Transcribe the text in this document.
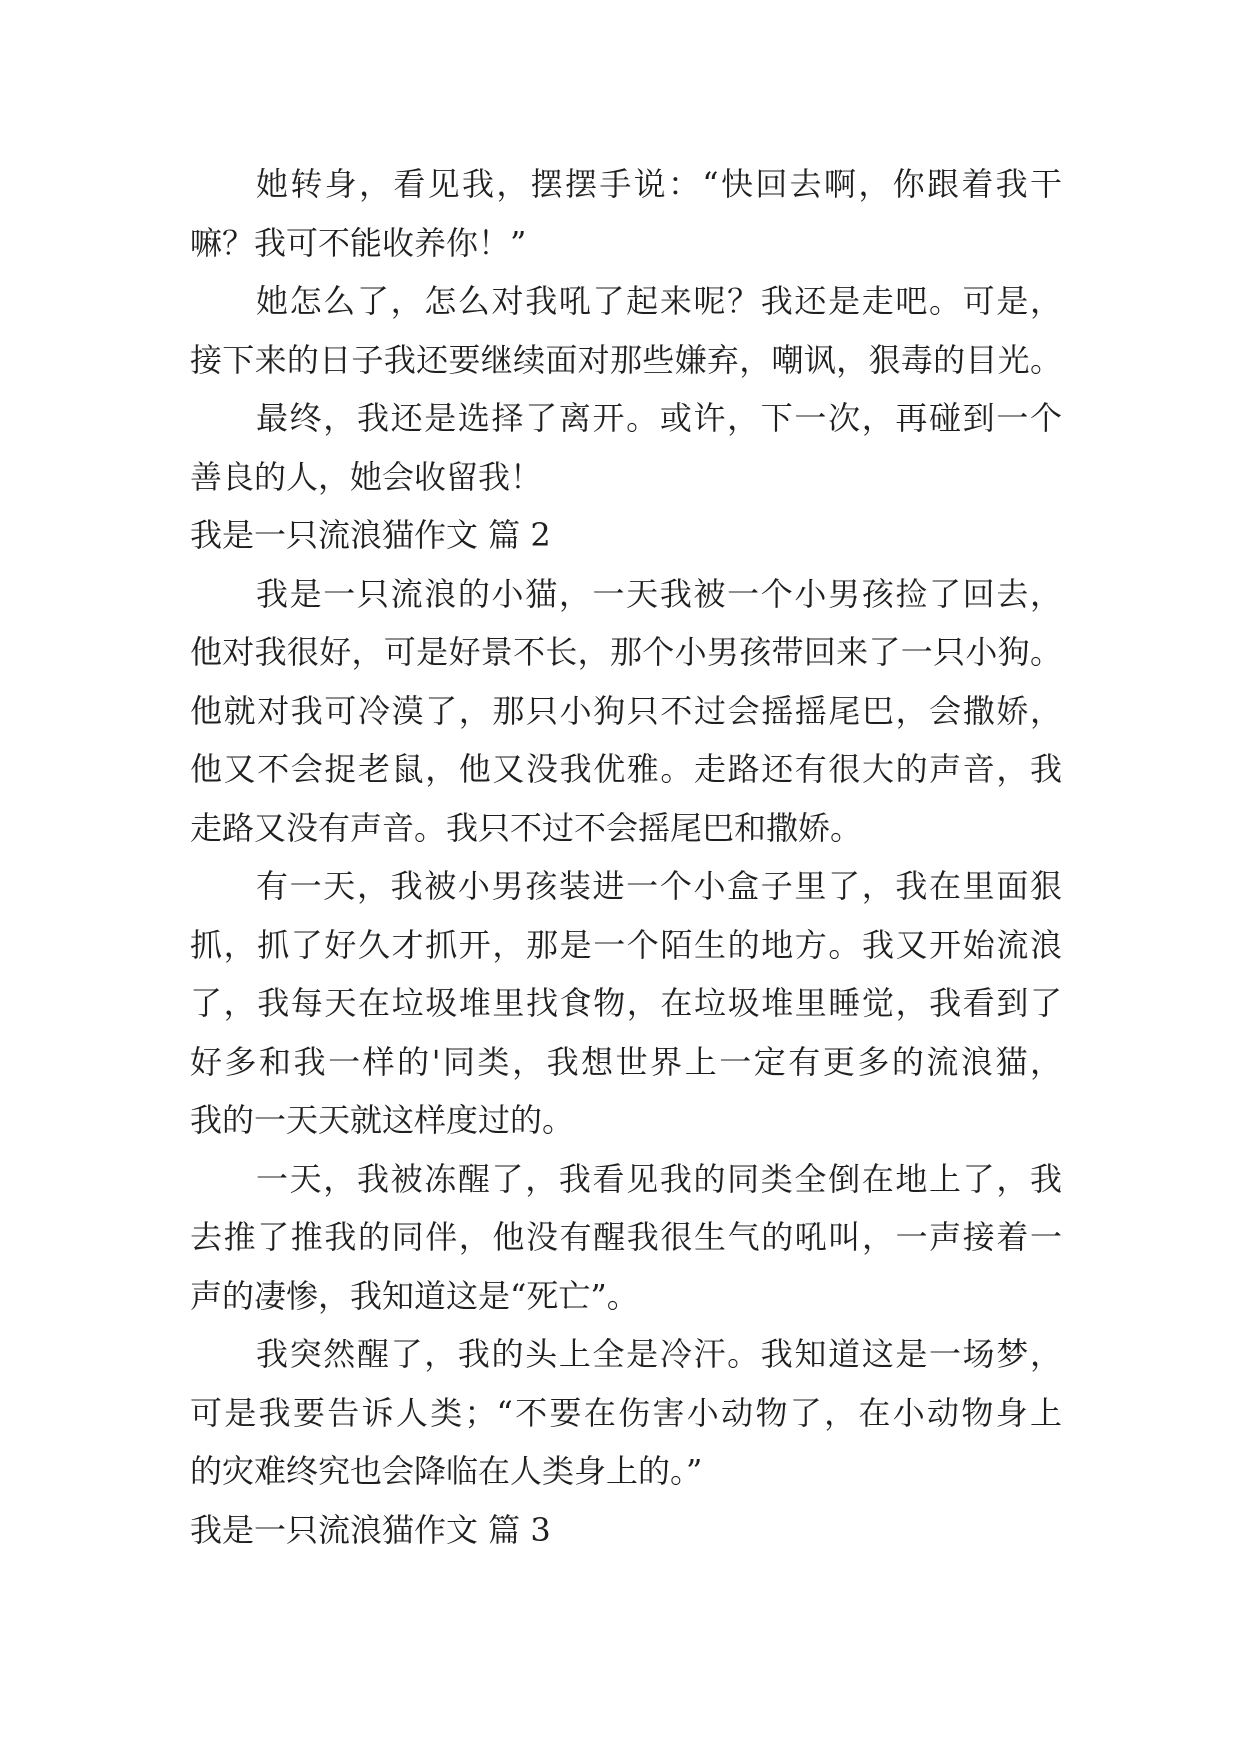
她转身，看见我，摆摆手说：“快回去啊，你跟着我干
嘛？我可不能收养你！”
她怎么了，怎么对我吼了起来呢？我还是走吧。可是，
接下来的日子我还要继续面对那些嫌弃，嘲讽，狠毒的目光。
最终，我还是选择了离开。或许，下一次，再碰到一个
善良的人，她会收留我！
我是一只流浪猫作文 篇 2
我是一只流浪的小猫，一天我被一个小男孩捡了回去，
他对我很好，可是好景不长，那个小男孩带回来了一只小狗。
他就对我可冷漠了，那只小狗只不过会摇摇尾巴，会撒娇，
他又不会捉老鼠，他又没我优雅。走路还有很大的声音，我
走路又没有声音。我只不过不会摇尾巴和撒娇。
有一天，我被小男孩装进一个小盒子里了，我在里面狠
抓，抓了好久才抓开，那是一个陌生的地方。我又开始流浪
了，我每天在垃圾堆里找食物，在垃圾堆里睡觉，我看到了
好多和我一样的'同类，我想世界上一定有更多的流浪猫，
我的一天天就这样度过的。
一天，我被冻醒了，我看见我的同类全倒在地上了，我
去推了推我的同伴，他没有醒我很生气的吼叫，一声接着一
声的凄惨，我知道这是“死亡”。
我突然醒了，我的头上全是冷汗。我知道这是一场梦，
可是我要告诉人类；“不要在伤害小动物了，在小动物身上
的灾难终究也会降临在人类身上的。”
我是一只流浪猫作文 篇 3
